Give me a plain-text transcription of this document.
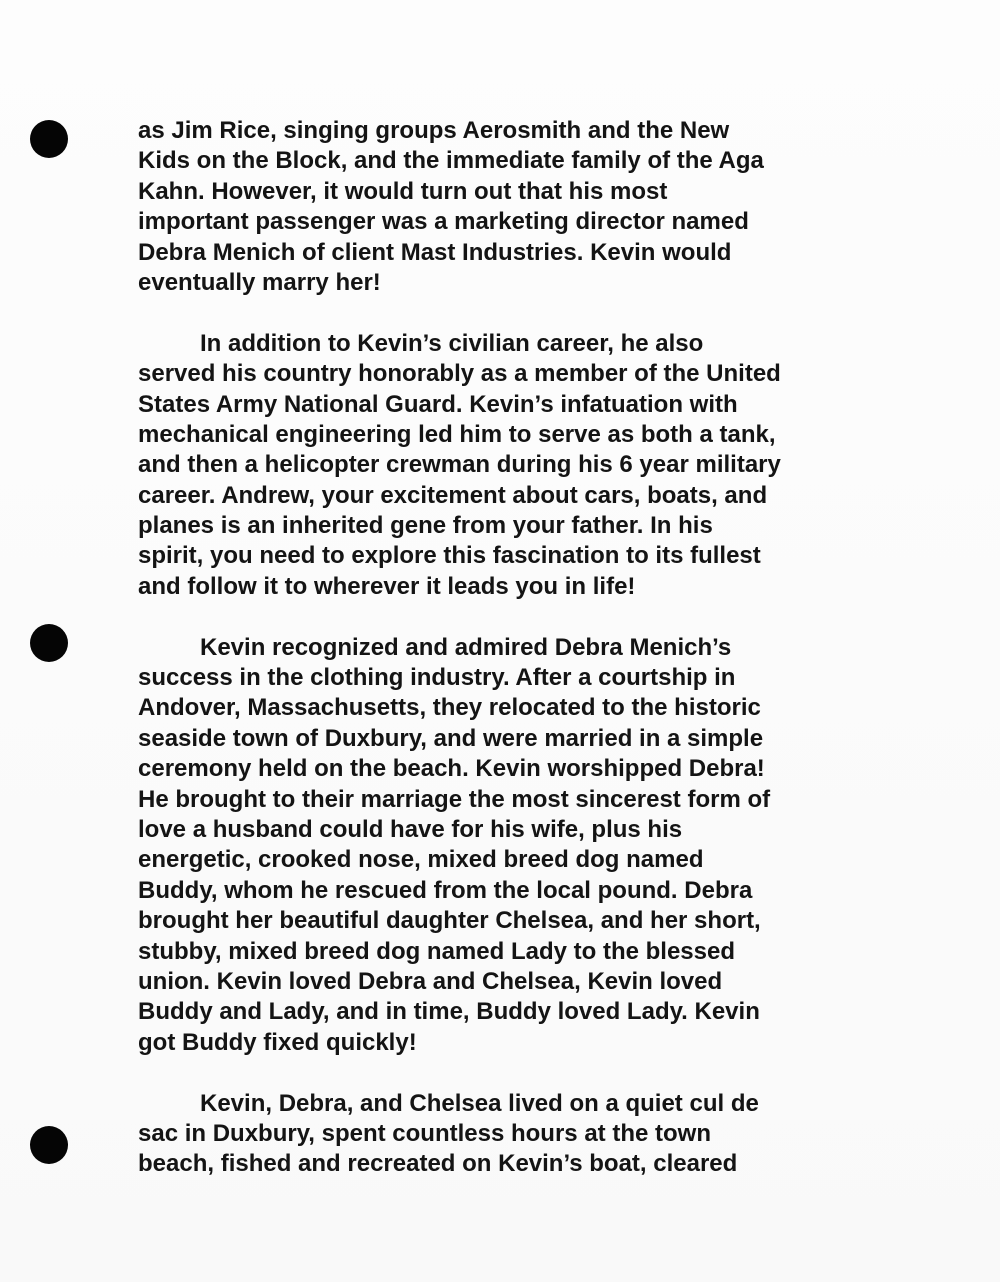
as Jim Rice, singing groups Aerosmith and the New
Kids on the Block, and the immediate family of the Aga
Kahn. However, it would turn out that his most
important passenger was a marketing director named
Debra Menich of client Mast Industries. Kevin would
eventually marry her!
In addition to Kevin’s civilian career, he also
served his country honorably as a member of the United
States Army National Guard. Kevin’s infatuation with
mechanical engineering led him to serve as both a tank,
and then a helicopter crewman during his 6 year military
career. Andrew, your excitement about cars, boats, and
planes is an inherited gene from your father. In his
spirit, you need to explore this fascination to its fullest
and follow it to wherever it leads you in life!
Kevin recognized and admired Debra Menich’s
success in the clothing industry. After a courtship in
Andover, Massachusetts, they relocated to the historic
seaside town of Duxbury, and were married in a simple
ceremony held on the beach. Kevin worshipped Debra!
He brought to their marriage the most sincerest form of
love a husband could have for his wife, plus his
energetic, crooked nose, mixed breed dog named
Buddy, whom he rescued from the local pound. Debra
brought her beautiful daughter Chelsea, and her short,
stubby, mixed breed dog named Lady to the blessed
union. Kevin loved Debra and Chelsea, Kevin loved
Buddy and Lady, and in time, Buddy loved Lady. Kevin
got Buddy fixed quickly!
Kevin, Debra, and Chelsea lived on a quiet cul de
sac in Duxbury, spent countless hours at the town
beach, fished and recreated on Kevin’s boat, cleared
